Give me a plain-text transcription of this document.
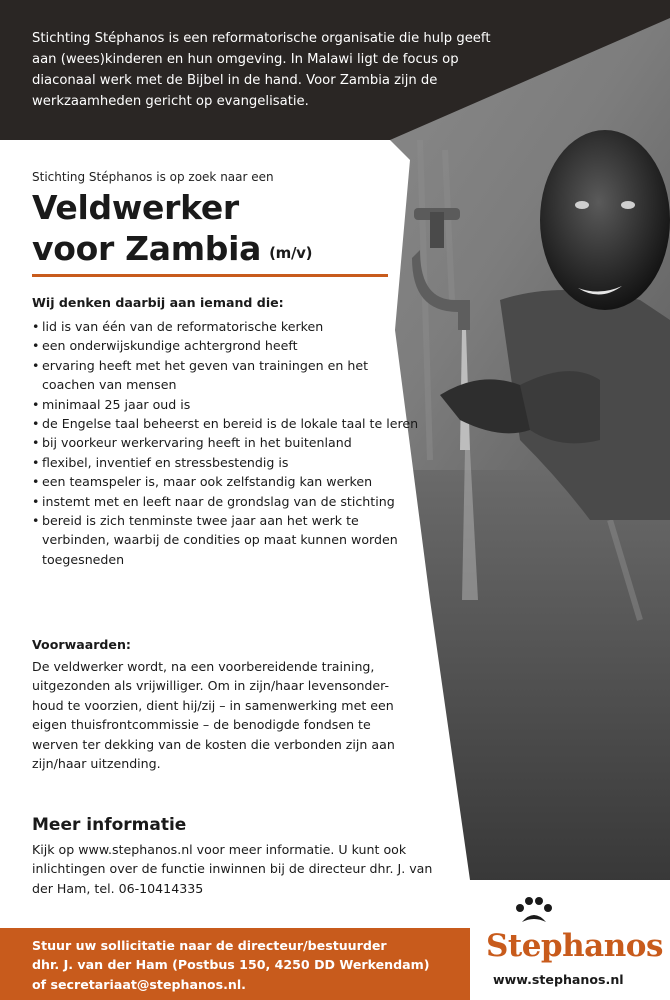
Stichting Stéphanos is een reformatorische organisatie die hulp geeft aan (wees)kinderen en hun omgeving. In Malawi ligt de focus op diaconaal werk met de Bijbel in de hand. Voor Zambia zijn de werkzaamheden gericht op evangelisatie.
Stichting Stéphanos is op zoek naar een
Veldwerker
voor Zambia (m/v)
Wij denken daarbij aan iemand die:
• lid is van één van de reformatorische kerken
• een onderwijskundige achtergrond heeft
• ervaring heeft met het geven van trainingen en het coachen van mensen
• minimaal 25 jaar oud is
• de Engelse taal beheerst en bereid is de lokale taal te leren
• bij voorkeur werkervaring heeft in het buitenland
• flexibel, inventief en stressbestendig is
• een teamspeler is, maar ook zelfstandig kan werken
• instemt met en leeft naar de grondslag van de stichting
• bereid is zich tenminste twee jaar aan het werk te verbinden, waarbij de condities op maat kunnen worden toegesneden
Voorwaarden:
De veldwerker wordt, na een voorbereidende training,
uitgezonden als vrijwilliger. Om in zijn/haar levensonder-
houd te voorzien, dient hij/zij – in samenwerking met een
eigen thuisfrontcommissie – de benodigde fondsen te
werven ter dekking van de kosten die verbonden zijn aan
zijn/haar uitzending.
Meer informatie
Kijk op www.stephanos.nl voor meer informatie. U kunt ook
inlichtingen over de functie inwinnen bij de directeur dhr. J. van
der Ham, tel. 06-10414335
Stuur uw sollicitatie naar de directeur/bestuurder
dhr. J. van der Ham (Postbus 150, 4250 DD Werkendam)
of secretariaat@stephanos.nl.
Stephanos
www.stephanos.nl
